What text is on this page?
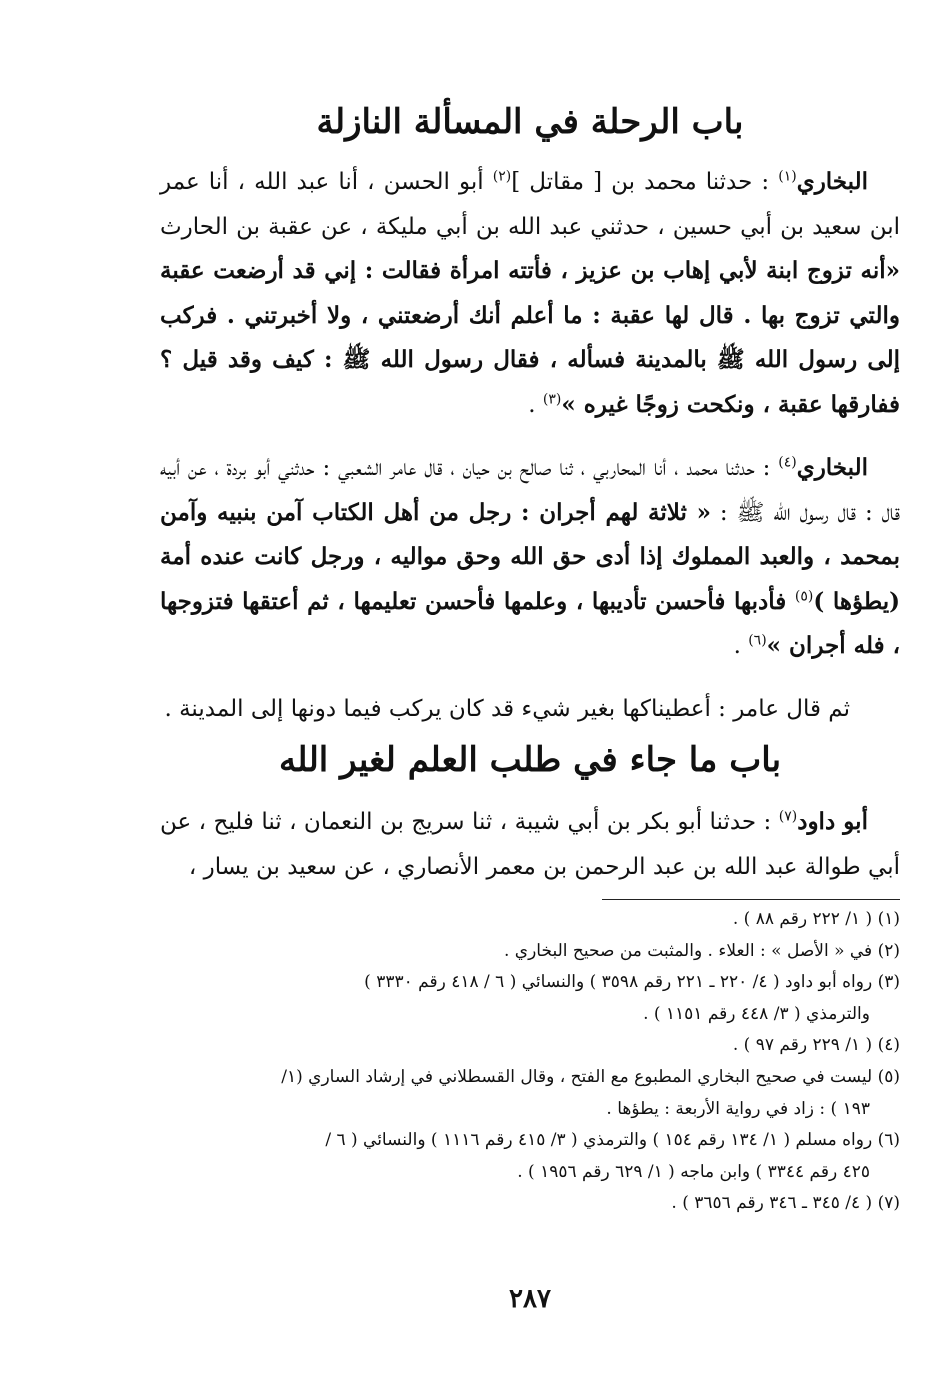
باب الرحلة في المسألة النازلة

البخاري$^{(١)}$ : حدثنا محمد بن [ مقاتل ]$^{(٢)}$ أبو الحسن ، أنا عبد الله ، أنا عمر ابن سعيد بن أبي حسين ، حدثني عبد الله بن أبي مليكة ، عن عقبة بن الحارث «أنه تزوج ابنة لأبي إهاب بن عزيز ، فأتته امرأة فقالت : إني قد أرضعت عقبة والتي تزوج بها . قال لها عقبة : ما أعلم أنك أرضعتني ، ولا أخبرتني . فركب إلى رسول الله ﷺ بالمدينة فسأله ، فقال رسول الله ﷺ : كيف وقد قيل ؟ ففارقها عقبة ، ونكحت زوجًا غيره »$^{(٣)}$ .

البخاري$^{(٤)}$ : حدثنا محمد ، أنا المحاربي ، ثنا صالح بن حيان ، قال عامر الشعبي : حدثني أبو بردة ، عن أبيه قال : قال رسول الله ﷺ : « ثلاثة لهم أجران : رجل من أهل الكتاب آمن بنبيه وآمن بمحمد ، والعبد المملوك إذا أدى حق الله وحق مواليه ، ورجل كانت عنده أمة (يطؤها )$^{(٥)}$ فأدبها فأحسن تأديبها ، وعلمها فأحسن تعليمها ، ثم أعتقها فتزوجها ، فله أجران »$^{(٦)}$ .

ثم قال عامر : أعطيناكها بغير شيء قد كان يركب فيما دونها إلى المدينة .

باب ما جاء في طلب العلم لغير الله

أبو داود$^{(٧)}$ : حدثنا أبو بكر بن أبي شيبة ، ثنا سريج بن النعمان ، ثنا فليح ، عن أبي طوالة عبد الله بن عبد الرحمن بن معمر الأنصاري ، عن سعيد بن يسار ،

(١) ( ١/ ٢٢٢ رقم ٨٨ ) .
(٢) في « الأصل » : العلاء . والمثبت من صحيح البخاري .
(٣) رواه أبو داود ( ٤/ ٢٢٠ ـ ٢٢١ رقم ٣٥٩٨ ) والنسائي ( ٦ / ٤١٨ رقم ٣٣٣٠ )
والترمذي ( ٣/ ٤٤٨ رقم ١١٥١ ) .
(٤) ( ١/ ٢٢٩ رقم ٩٧ ) .
(٥) ليست في صحيح البخاري المطبوع مع الفتح ، وقال القسطلاني في إرشاد الساري (١/
١٩٣ ) : زاد في رواية الأربعة : يطؤها .
(٦) رواه مسلم ( ١/ ١٣٤ رقم ١٥٤ ) والترمذي ( ٣/ ٤١٥ رقم ١١١٦ ) والنسائي ( ٦ /
٤٢٥ رقم ٣٣٤٤ ) وابن ماجه ( ١/ ٦٢٩ رقم ١٩٥٦ ) .
(٧) ( ٤/ ٣٤٥ ـ ٣٤٦ رقم ٣٦٥٦ ) .
٢٨٧
